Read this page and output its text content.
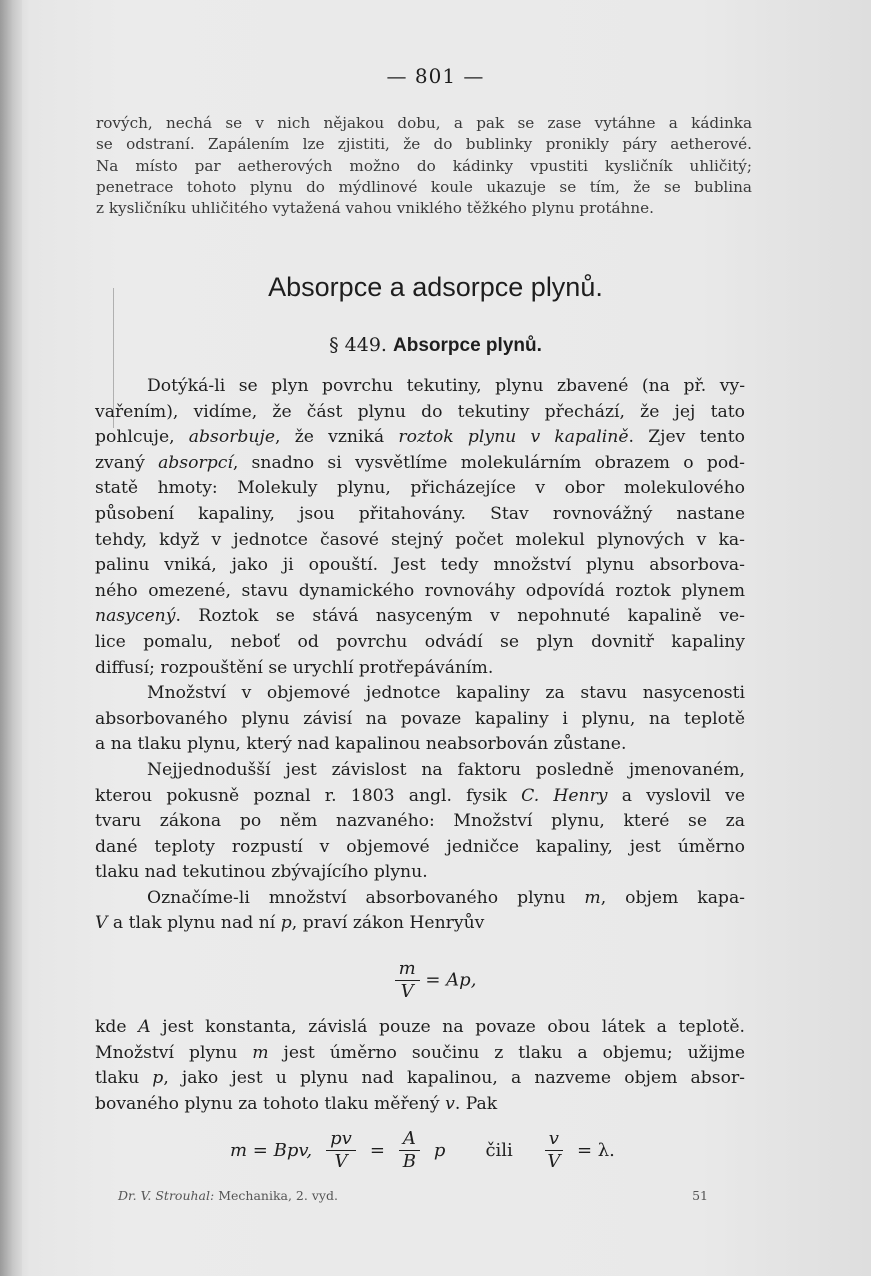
— 801 —

rových, nechá se v nich nějakou dobu, a pak se zase vytáhne a kádinka

se odstraní. Zapálením lze zjistiti, že do bublinky pronikly páry aetherové.

Na místo par aetherových možno do kádinky vpustiti kysličník uhličitý;

penetrace tohoto plynu do mýdlinové koule ukazuje se tím, že se bublina

z kysličníku uhličitého vytažená vahou vniklého těžkého plynu protáhne.

Absorpce a adsorpce plynů.
§ 449. Absorpce plynů.
Dotýká-li se plyn povrchu tekutiny, plynu zbavené (na př. vy-
vařením), vidíme, že část plynu do tekutiny přechází, že jej tato
pohlcuje, absorbuje, že vzniká roztok plynu v kapalině. Zjev tento
zvaný absorpcí, snadno si vysvětlíme molekulárním obrazem o pod-
statě hmoty: Molekuly plynu, přicházejíce v obor molekulového
působení kapaliny, jsou přitahovány. Stav rovnovážný nastane
tehdy, když v jednotce časové stejný počet molekul plynových v ka-
palinu vniká, jako ji opouští. Jest tedy množství plynu absorbova-
ného omezené, stavu dynamického rovnováhy odpovídá roztok plynem
nasycený. Roztok se stává nasyceným v nepohnuté kapalině ve-
lice pomalu, neboť od povrchu odvádí se plyn dovnitř kapaliny
diffusí; rozpouštění se urychlí protřepáváním.
Množství v objemové jednotce kapaliny za stavu nasycenosti
absorbovaného plynu závisí na povaze kapaliny i plynu, na teplotě
a na tlaku plynu, který nad kapalinou neabsorbován zůstane.
Nejjednodušší jest závislost na faktoru posledně jmenovaném,
kterou pokusně poznal r. 1803 angl. fysik C. Henry a vyslovil ve
tvaru zákona po něm nazvaného: Množství plynu, které se za
dané teploty rozpustí v objemové jedničce kapaliny, jest úměrno
tlaku nad tekutinou zbývajícího plynu.
Označíme-li množství absorbovaného plynu m, objem kapa-
V a tlak plynu nad ní p, praví zákon Henryův
$\frac{m}{V} = Ap$,
kde A jest konstanta, závislá pouze na povaze obou látek a teplotě.
Množství plynu m jest úměrno součinu z tlaku a objemu; užijme
tlaku p, jako jest u plynu nad kapalinou, a nazveme objem absor-
bovaného plynu za tohoto tlaku měřený v. Pak
m = Bpv, $\frac{pv}{V} = \frac{A}{B}$ p čili $\frac{v}{V} = \lambda$.
Dr. V. Strouhal: Mechanika, 2. vyd.	51
